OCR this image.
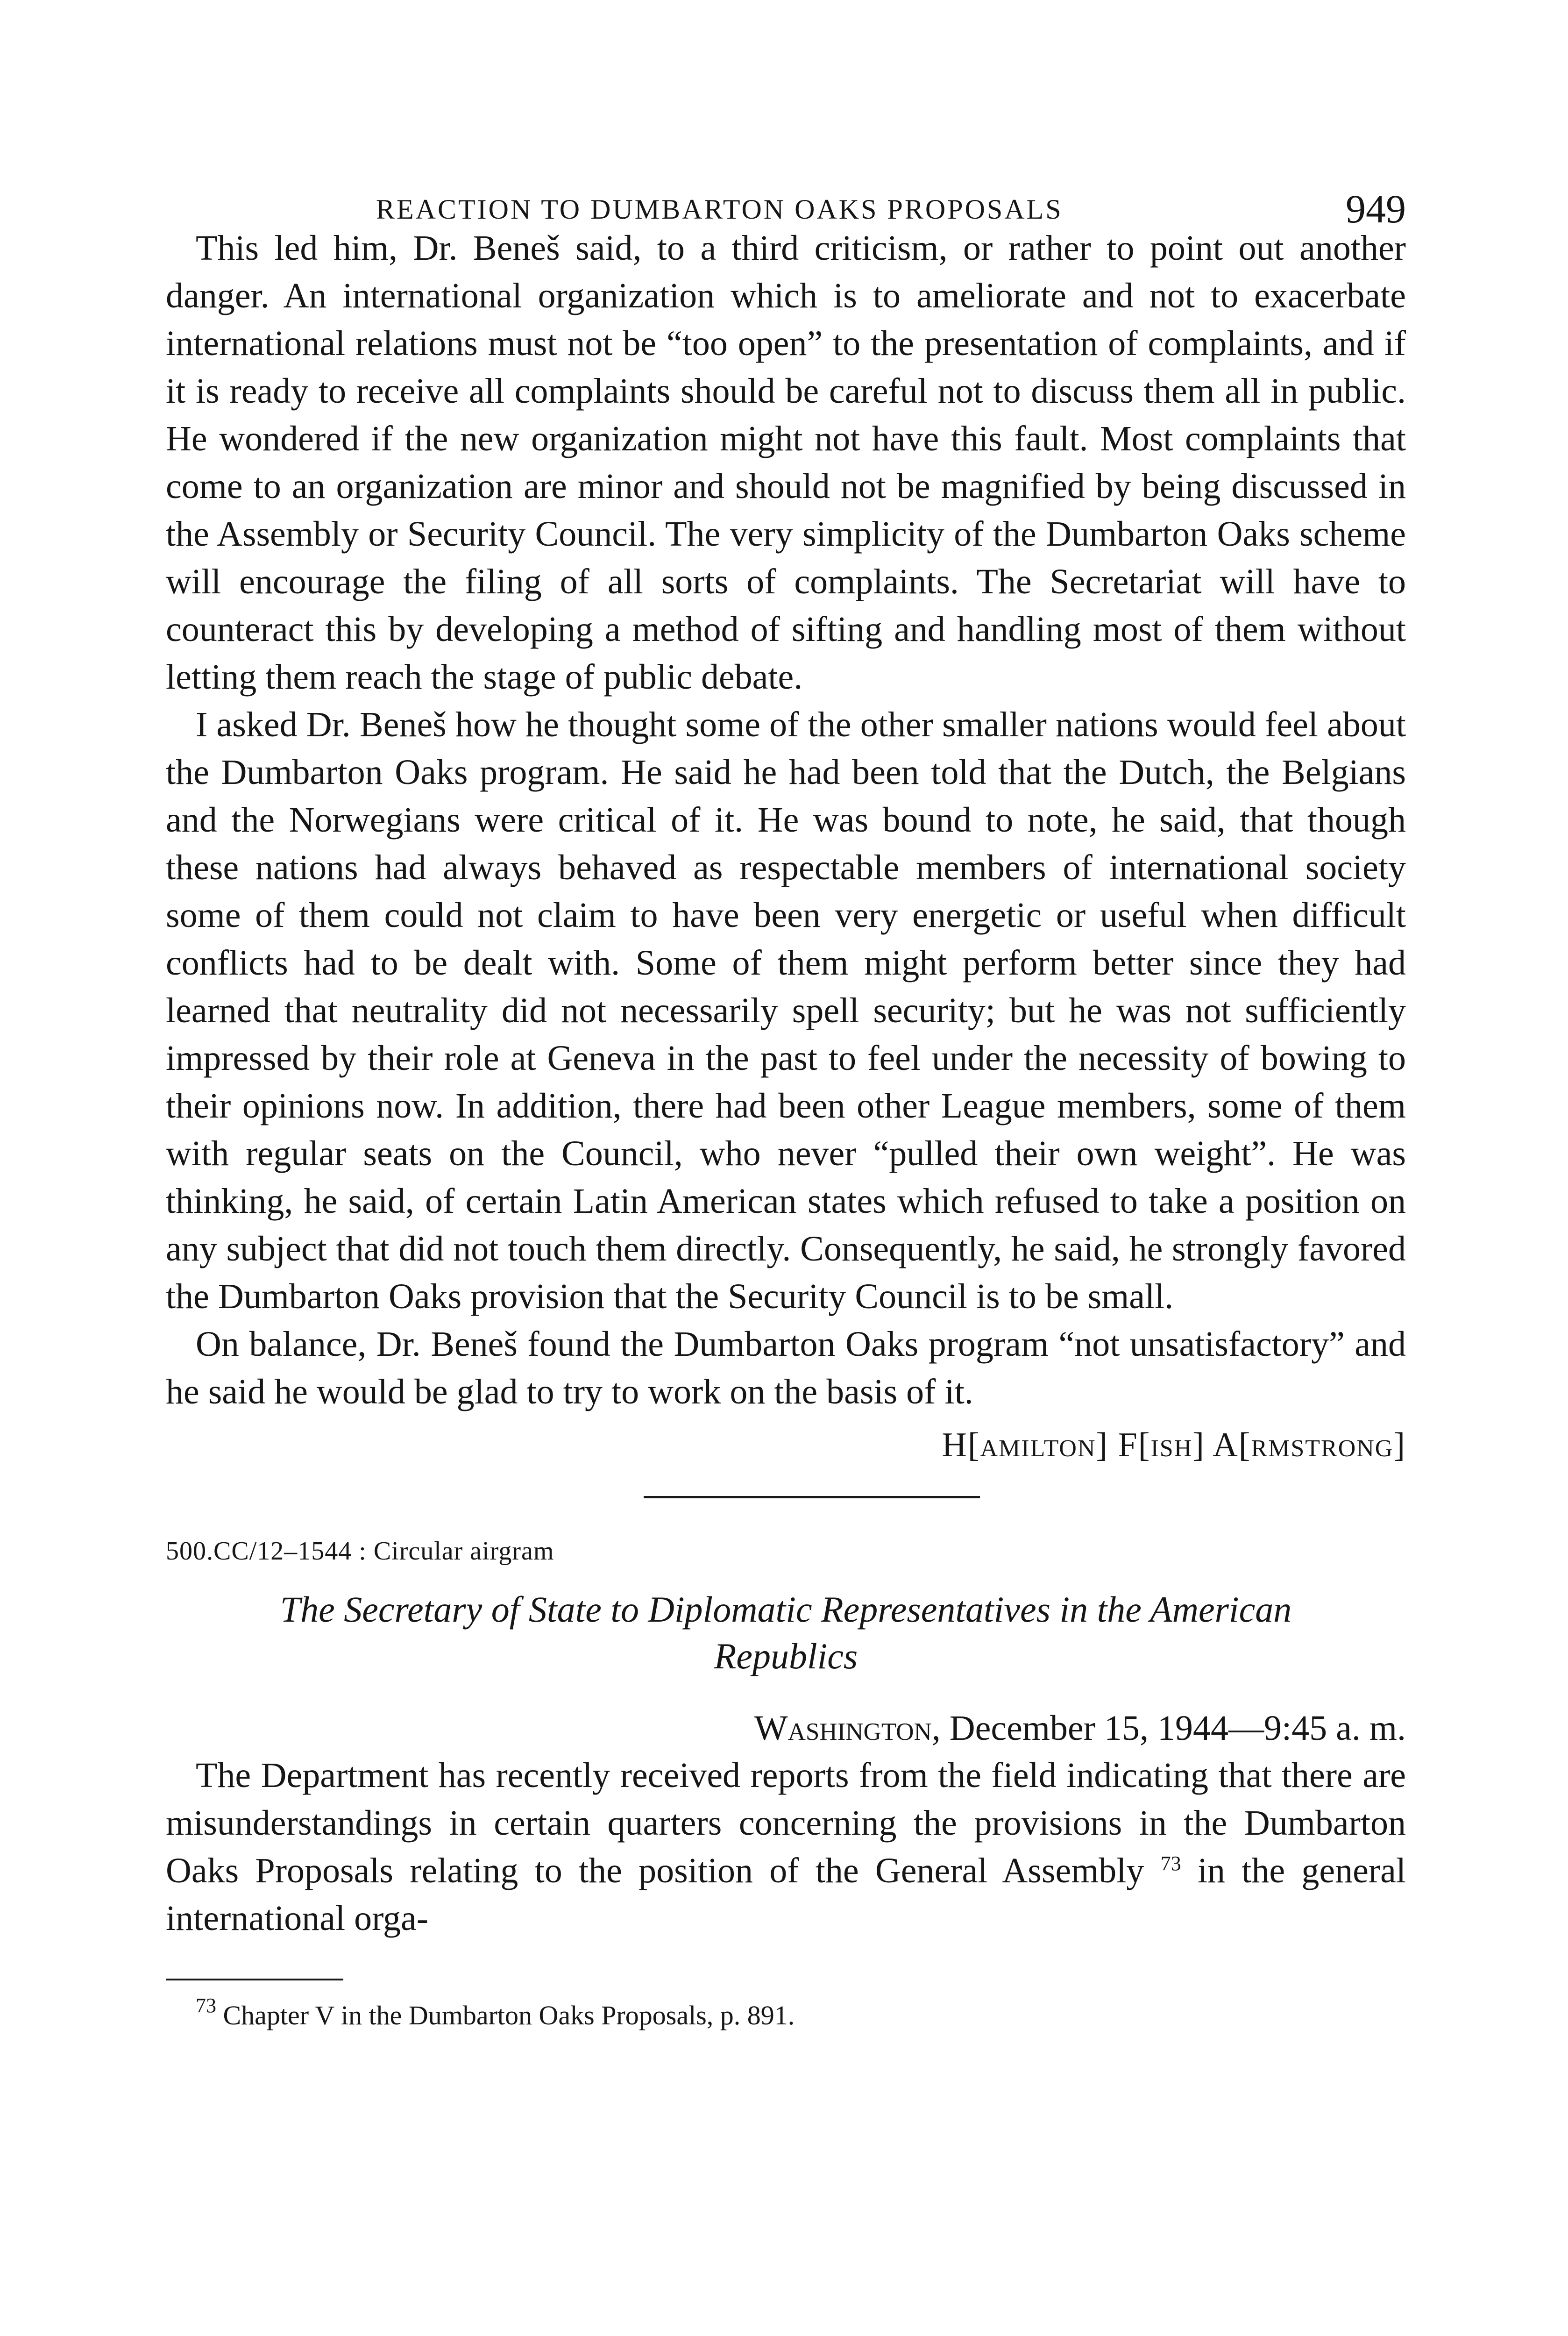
REACTION TO DUMBARTON OAKS PROPOSALS	949

This led him, Dr. Beneš said, to a third criticism, or rather to point out another danger. An international organization which is to ameliorate and not to exacerbate international relations must not be “too open” to the presentation of complaints, and if it is ready to receive all complaints should be careful not to discuss them all in public. He wondered if the new organization might not have this fault. Most complaints that come to an organization are minor and should not be magnified by being discussed in the Assembly or Security Council. The very simplicity of the Dumbarton Oaks scheme will encourage the filing of all sorts of complaints. The Secretariat will have to counteract this by developing a method of sifting and handling most of them without letting them reach the stage of public debate.

I asked Dr. Beneš how he thought some of the other smaller nations would feel about the Dumbarton Oaks program. He said he had been told that the Dutch, the Belgians and the Norwegians were critical of it. He was bound to note, he said, that though these nations had always behaved as respectable members of international society some of them could not claim to have been very energetic or useful when difficult conflicts had to be dealt with. Some of them might perform better since they had learned that neutrality did not necessarily spell security; but he was not sufficiently impressed by their role at Geneva in the past to feel under the necessity of bowing to their opinions now. In addition, there had been other League members, some of them with regular seats on the Council, who never “pulled their own weight”. He was thinking, he said, of certain Latin American states which refused to take a position on any subject that did not touch them directly. Consequently, he said, he strongly favored the Dumbarton Oaks provision that the Security Council is to be small.

On balance, Dr. Beneš found the Dumbarton Oaks program “not unsatisfactory” and he said he would be glad to try to work on the basis of it.

H[amilton] F[ish] A[rmstrong]
500.CC/12–1544 : Circular airgram
The Secretary of State to Diplomatic Representatives in the American Republics
Washington, December 15, 1944—9:45 a. m.

The Department has recently received reports from the field indicating that there are misunderstandings in certain quarters concerning the provisions in the Dumbarton Oaks Proposals relating to the position of the General Assembly $^{73}$ in the general international orga-

$^{73}$ Chapter V in the Dumbarton Oaks Proposals, p. 891.
